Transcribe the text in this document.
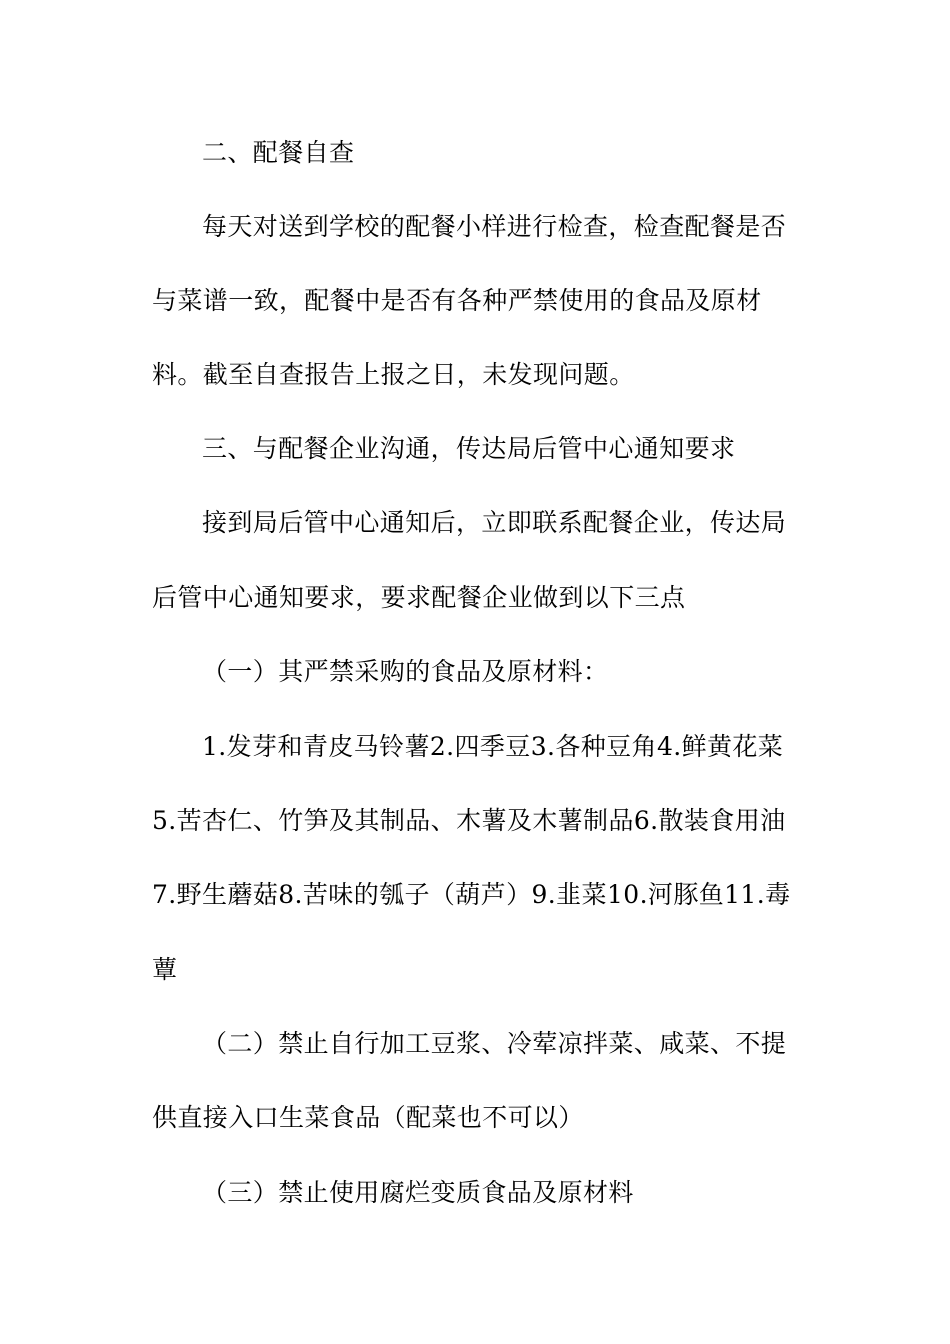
二、配餐自查
每天对送到学校的配餐小样进行检查，检查配餐是否
与菜谱一致，配餐中是否有各种严禁使用的食品及原材
料。截至自查报告上报之日，未发现问题。
三、与配餐企业沟通，传达局后管中心通知要求
接到局后管中心通知后，立即联系配餐企业，传达局
后管中心通知要求，要求配餐企业做到以下三点
（一）其严禁采购的食品及原材料：
1.发芽和青皮马铃薯2.四季豆3.各种豆角4.鲜黄花菜
5.苦杏仁、竹笋及其制品、木薯及木薯制品6.散装食用油
7.野生蘑菇8.苦味的瓠子（葫芦）9.韭菜10.河豚鱼11.毒
蕈
（二）禁止自行加工豆浆、冷荤凉拌菜、咸菜、不提
供直接入口生菜食品（配菜也不可以）
（三）禁止使用腐烂变质食品及原材料
